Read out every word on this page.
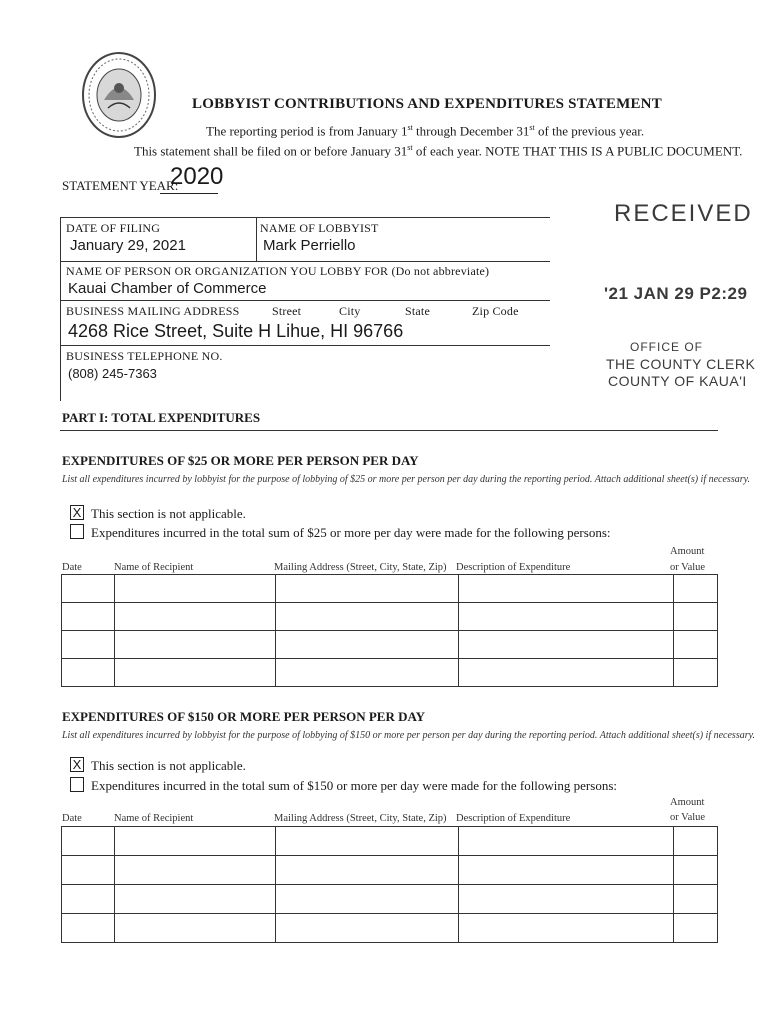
LOBBYIST CONTRIBUTIONS AND EXPENDITURES STATEMENT
The reporting period is from January 1st through December 31st of the previous year.
This statement shall be filed on or before January 31st of each year. NOTE THAT THIS IS A PUBLIC DOCUMENT.
STATEMENT YEAR:
2020
DATE OF FILING
January 29, 2021
NAME OF LOBBYIST
Mark Perriello
NAME OF PERSON OR ORGANIZATION YOU LOBBY FOR (Do not abbreviate)
Kauai Chamber of Commerce
BUSINESS MAILING ADDRESS	Street	City	State	Zip Code
4268 Rice Street, Suite H Lihue, HI 96766
BUSINESS TELEPHONE NO.
(808) 245-7363
RECEIVED
'21 JAN 29 P2:29
OFFICE OF
THE COUNTY CLERK
COUNTY OF KAUA'I
PART I: TOTAL EXPENDITURES
EXPENDITURES OF $25 OR MORE PER PERSON PER DAY
List all expenditures incurred by lobbyist for the purpose of lobbying of $25 or more per person per day during the reporting period. Attach additional sheet(s) if necessary.
X This section is not applicable.
Expenditures incurred in the total sum of $25 or more per day were made for the following persons:
Date	Name of Recipient	Mailing Address (Street, City, State, Zip) Description of Expenditure
Amount
or Value

EXPENDITURES OF $150 OR MORE PER PERSON PER DAY
List all expenditures incurred by lobbyist for the purpose of lobbying of $150 or more per person per day during the reporting period. Attach additional sheet(s) if necessary.
X This section is not applicable.
Expenditures incurred in the total sum of $150 or more per day were made for the following persons:
Date	Name of Recipient	Mailing Address (Street, City, State, Zip) Description of Expenditure
Amount
or Value
